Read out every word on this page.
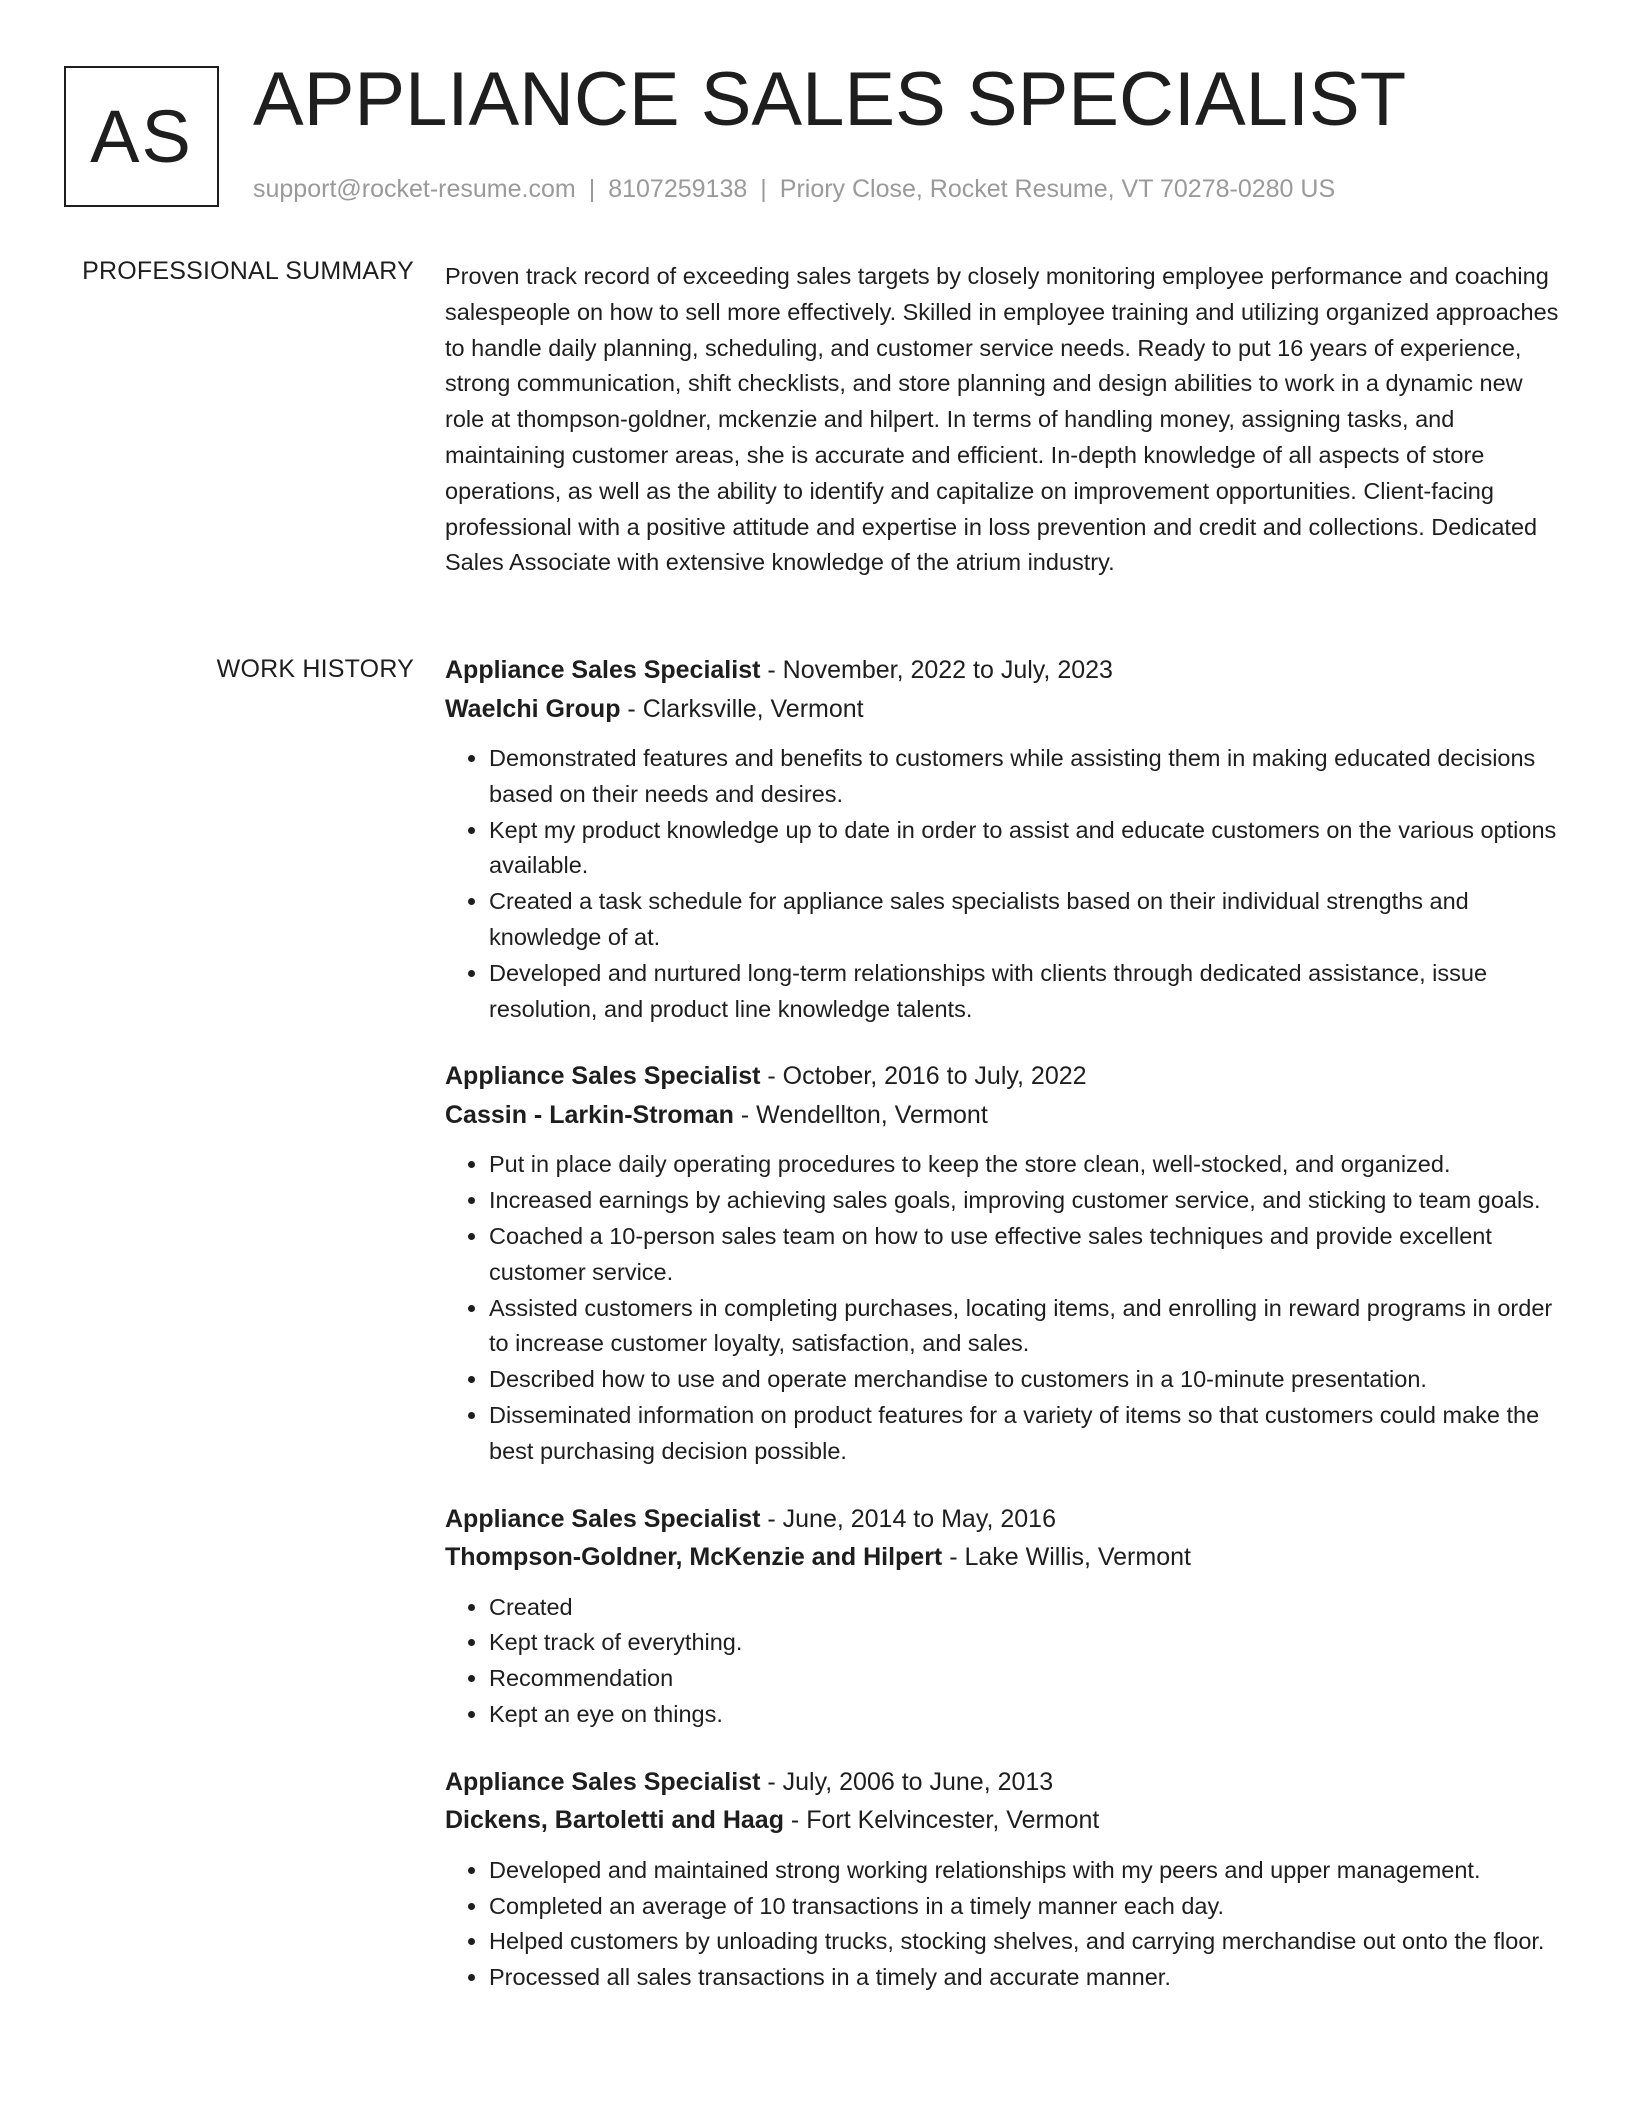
AS APPLIANCE SALES SPECIALIST
support@rocket-resume.com | 8107259138 | Priory Close, Rocket Resume, VT 70278-0280 US
PROFESSIONAL SUMMARY Proven track record of exceeding sales targets by closely monitoring employee performance and coaching salespeople on how to sell more effectively. Skilled in employee training and utilizing organized approaches to handle daily planning, scheduling, and customer service needs. Ready to put 16 years of experience, strong communication, shift checklists, and store planning and design abilities to work in a dynamic new role at thompson-goldner, mckenzie and hilpert. In terms of handling money, assigning tasks, and maintaining customer areas, she is accurate and efficient. In-depth knowledge of all aspects of store operations, as well as the ability to identify and capitalize on improvement opportunities. Client-facing professional with a positive attitude and expertise in loss prevention and credit and collections. Dedicated Sales Associate with extensive knowledge of the atrium industry.

WORK HISTORY Appliance Sales Specialist - November, 2022 to July, 2023
Waelchi Group - Clarksville, Vermont
• Demonstrated features and benefits to customers while assisting them in making educated decisions based on their needs and desires.
• Kept my product knowledge up to date in order to assist and educate customers on the various options available.
• Created a task schedule for appliance sales specialists based on their individual strengths and knowledge of at.
• Developed and nurtured long-term relationships with clients through dedicated assistance, issue resolution, and product line knowledge talents.
Appliance Sales Specialist - October, 2016 to July, 2022
Cassin - Larkin-Stroman - Wendellton, Vermont
• Put in place daily operating procedures to keep the store clean, well-stocked, and organized.
• Increased earnings by achieving sales goals, improving customer service, and sticking to team goals.
• Coached a 10-person sales team on how to use effective sales techniques and provide excellent customer service.
• Assisted customers in completing purchases, locating items, and enrolling in reward programs in order to increase customer loyalty, satisfaction, and sales.
• Described how to use and operate merchandise to customers in a 10-minute presentation.
• Disseminated information on product features for a variety of items so that customers could make the best purchasing decision possible.
Appliance Sales Specialist - June, 2014 to May, 2016
Thompson-Goldner, McKenzie and Hilpert - Lake Willis, Vermont
• Created
• Kept track of everything.
• Recommendation
• Kept an eye on things.
Appliance Sales Specialist - July, 2006 to June, 2013
Dickens, Bartoletti and Haag - Fort Kelvincester, Vermont
• Developed and maintained strong working relationships with my peers and upper management.
• Completed an average of 10 transactions in a timely manner each day.
• Helped customers by unloading trucks, stocking shelves, and carrying merchandise out onto the floor.
• Processed all sales transactions in a timely and accurate manner.
